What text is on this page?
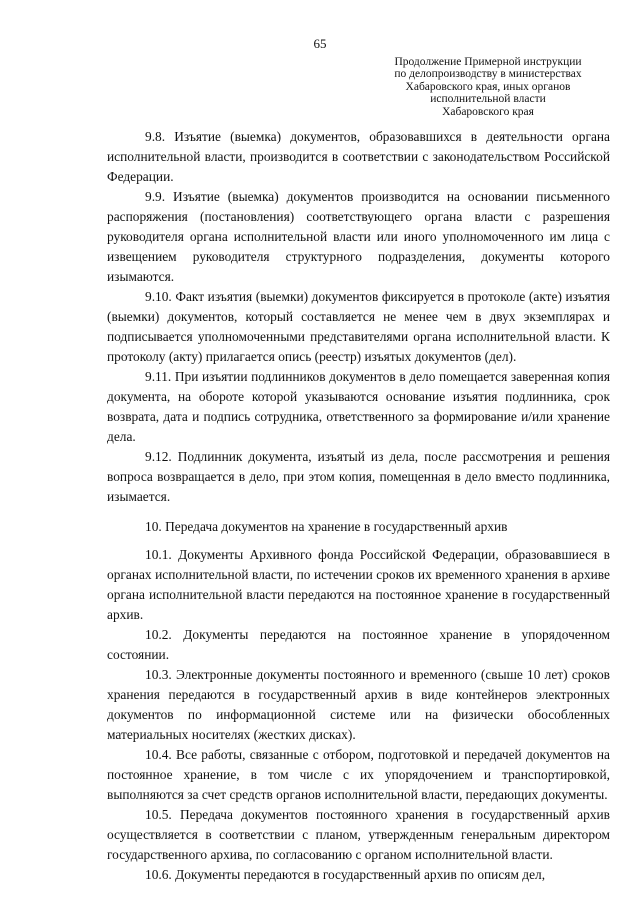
65
Продолжение Примерной инструкции
по делопроизводству в министерствах
Хабаровского края, иных органов
исполнительной власти
Хабаровского края

9.8. Изъятие (выемка) документов, образовавшихся в деятельности органа исполнительной власти, производится в соответствии с законодательством Российской Федерации.

9.9. Изъятие (выемка) документов производится на основании письменного распоряжения (постановления) соответствующего органа власти с разрешения руководителя органа исполнительной власти или иного уполномоченного им лица с извещением руководителя структурного подразделения, документы которого изымаются.

9.10. Факт изъятия (выемки) документов фиксируется в протоколе (акте) изъятия (выемки) документов, который составляется не менее чем в двух экземплярах и подписывается уполномоченными представителями органа исполнительной власти. К протоколу (акту) прилагается опись (реестр) изъятых документов (дел).

9.11. При изъятии подлинников документов в дело помещается заверенная копия документа, на обороте которой указываются основание изъятия подлинника, срок возврата, дата и подпись сотрудника, ответственного за формирование и/или хранение дела.

9.12. Подлинник документа, изъятый из дела, после рассмотрения и решения вопроса возвращается в дело, при этом копия, помещенная в дело вместо подлинника, изымается.

10. Передача документов на хранение в государственный архив

10.1. Документы Архивного фонда Российской Федерации, образовавшиеся в органах исполнительной власти, по истечении сроков их временного хранения в архиве органа исполнительной власти передаются на постоянное хранение в государственный архив.

10.2. Документы передаются на постоянное хранение в упорядоченном состоянии.

10.3. Электронные документы постоянного и временного (свыше 10 лет) сроков хранения передаются в государственный архив в виде контейнеров электронных документов по информационной системе или на физически обособленных материальных носителях (жестких дисках).

10.4. Все работы, связанные с отбором, подготовкой и передачей документов на постоянное хранение, в том числе с их упорядочением и транспортировкой, выполняются за счет средств органов исполнительной власти, передающих документы.

10.5. Передача документов постоянного хранения в государственный архив осуществляется в соответствии с планом, утвержденным генеральным директором государственного архива, по согласованию с органом исполнительной власти.

10.6. Документы передаются в государственный архив по описям дел,
